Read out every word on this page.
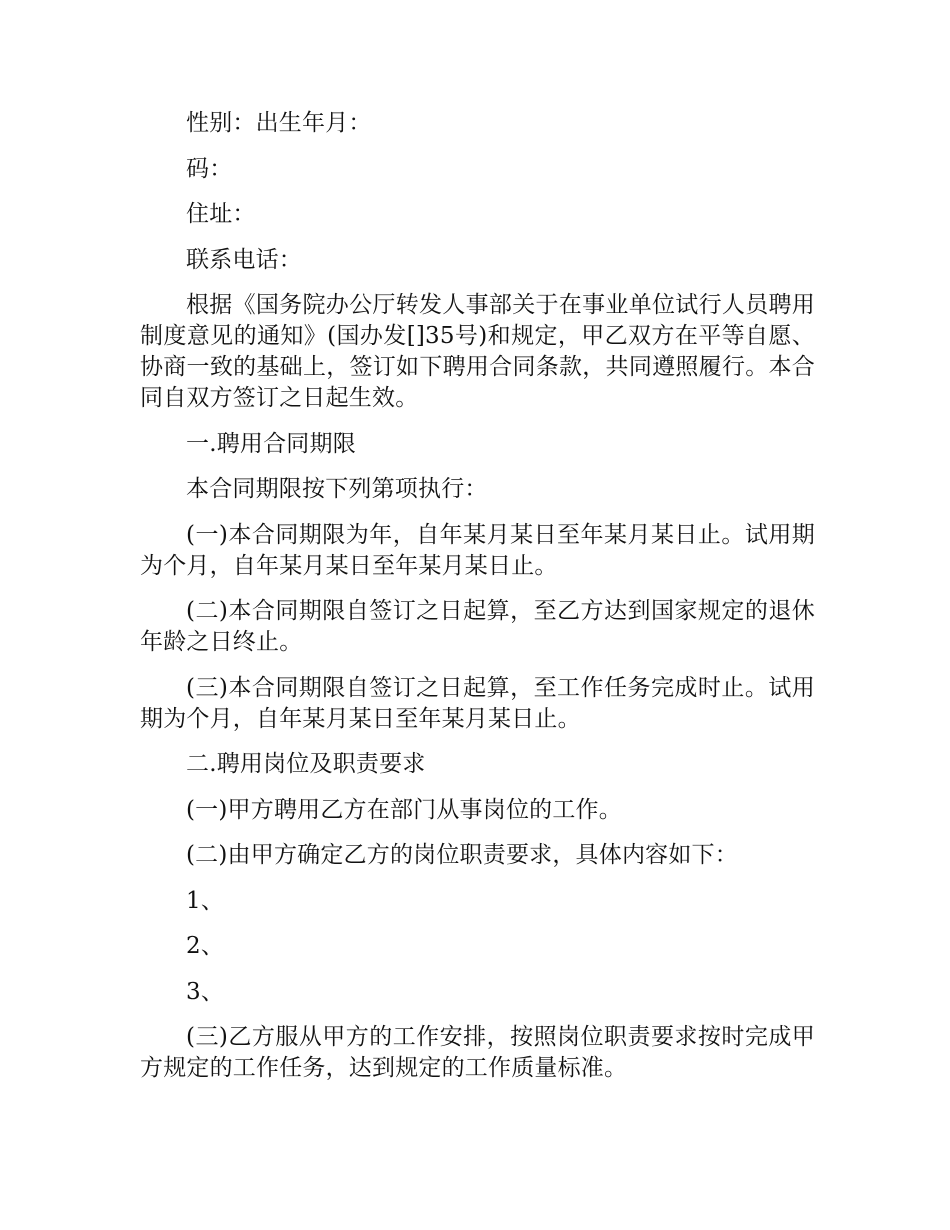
性别：出生年月：

码：

住址：

联系电话：

根据《国务院办公厅转发人事部关于在事业单位试行人员聘用制度意见的通知》(国办发[]35号)和规定，甲乙双方在平等自愿、协商一致的基础上，签订如下聘用合同条款，共同遵照履行。本合同自双方签订之日起生效。

一.聘用合同期限

本合同期限按下列第项执行：

(一)本合同期限为年，自年某月某日至年某月某日止。试用期为个月，自年某月某日至年某月某日止。

(二)本合同期限自签订之日起算，至乙方达到国家规定的退休年龄之日终止。

(三)本合同期限自签订之日起算，至工作任务完成时止。试用期为个月，自年某月某日至年某月某日止。

二.聘用岗位及职责要求

(一)甲方聘用乙方在部门从事岗位的工作。

(二)由甲方确定乙方的岗位职责要求，具体内容如下：

1、

2、

3、

(三)乙方服从甲方的工作安排，按照岗位职责要求按时完成甲方规定的工作任务，达到规定的工作质量标准。
